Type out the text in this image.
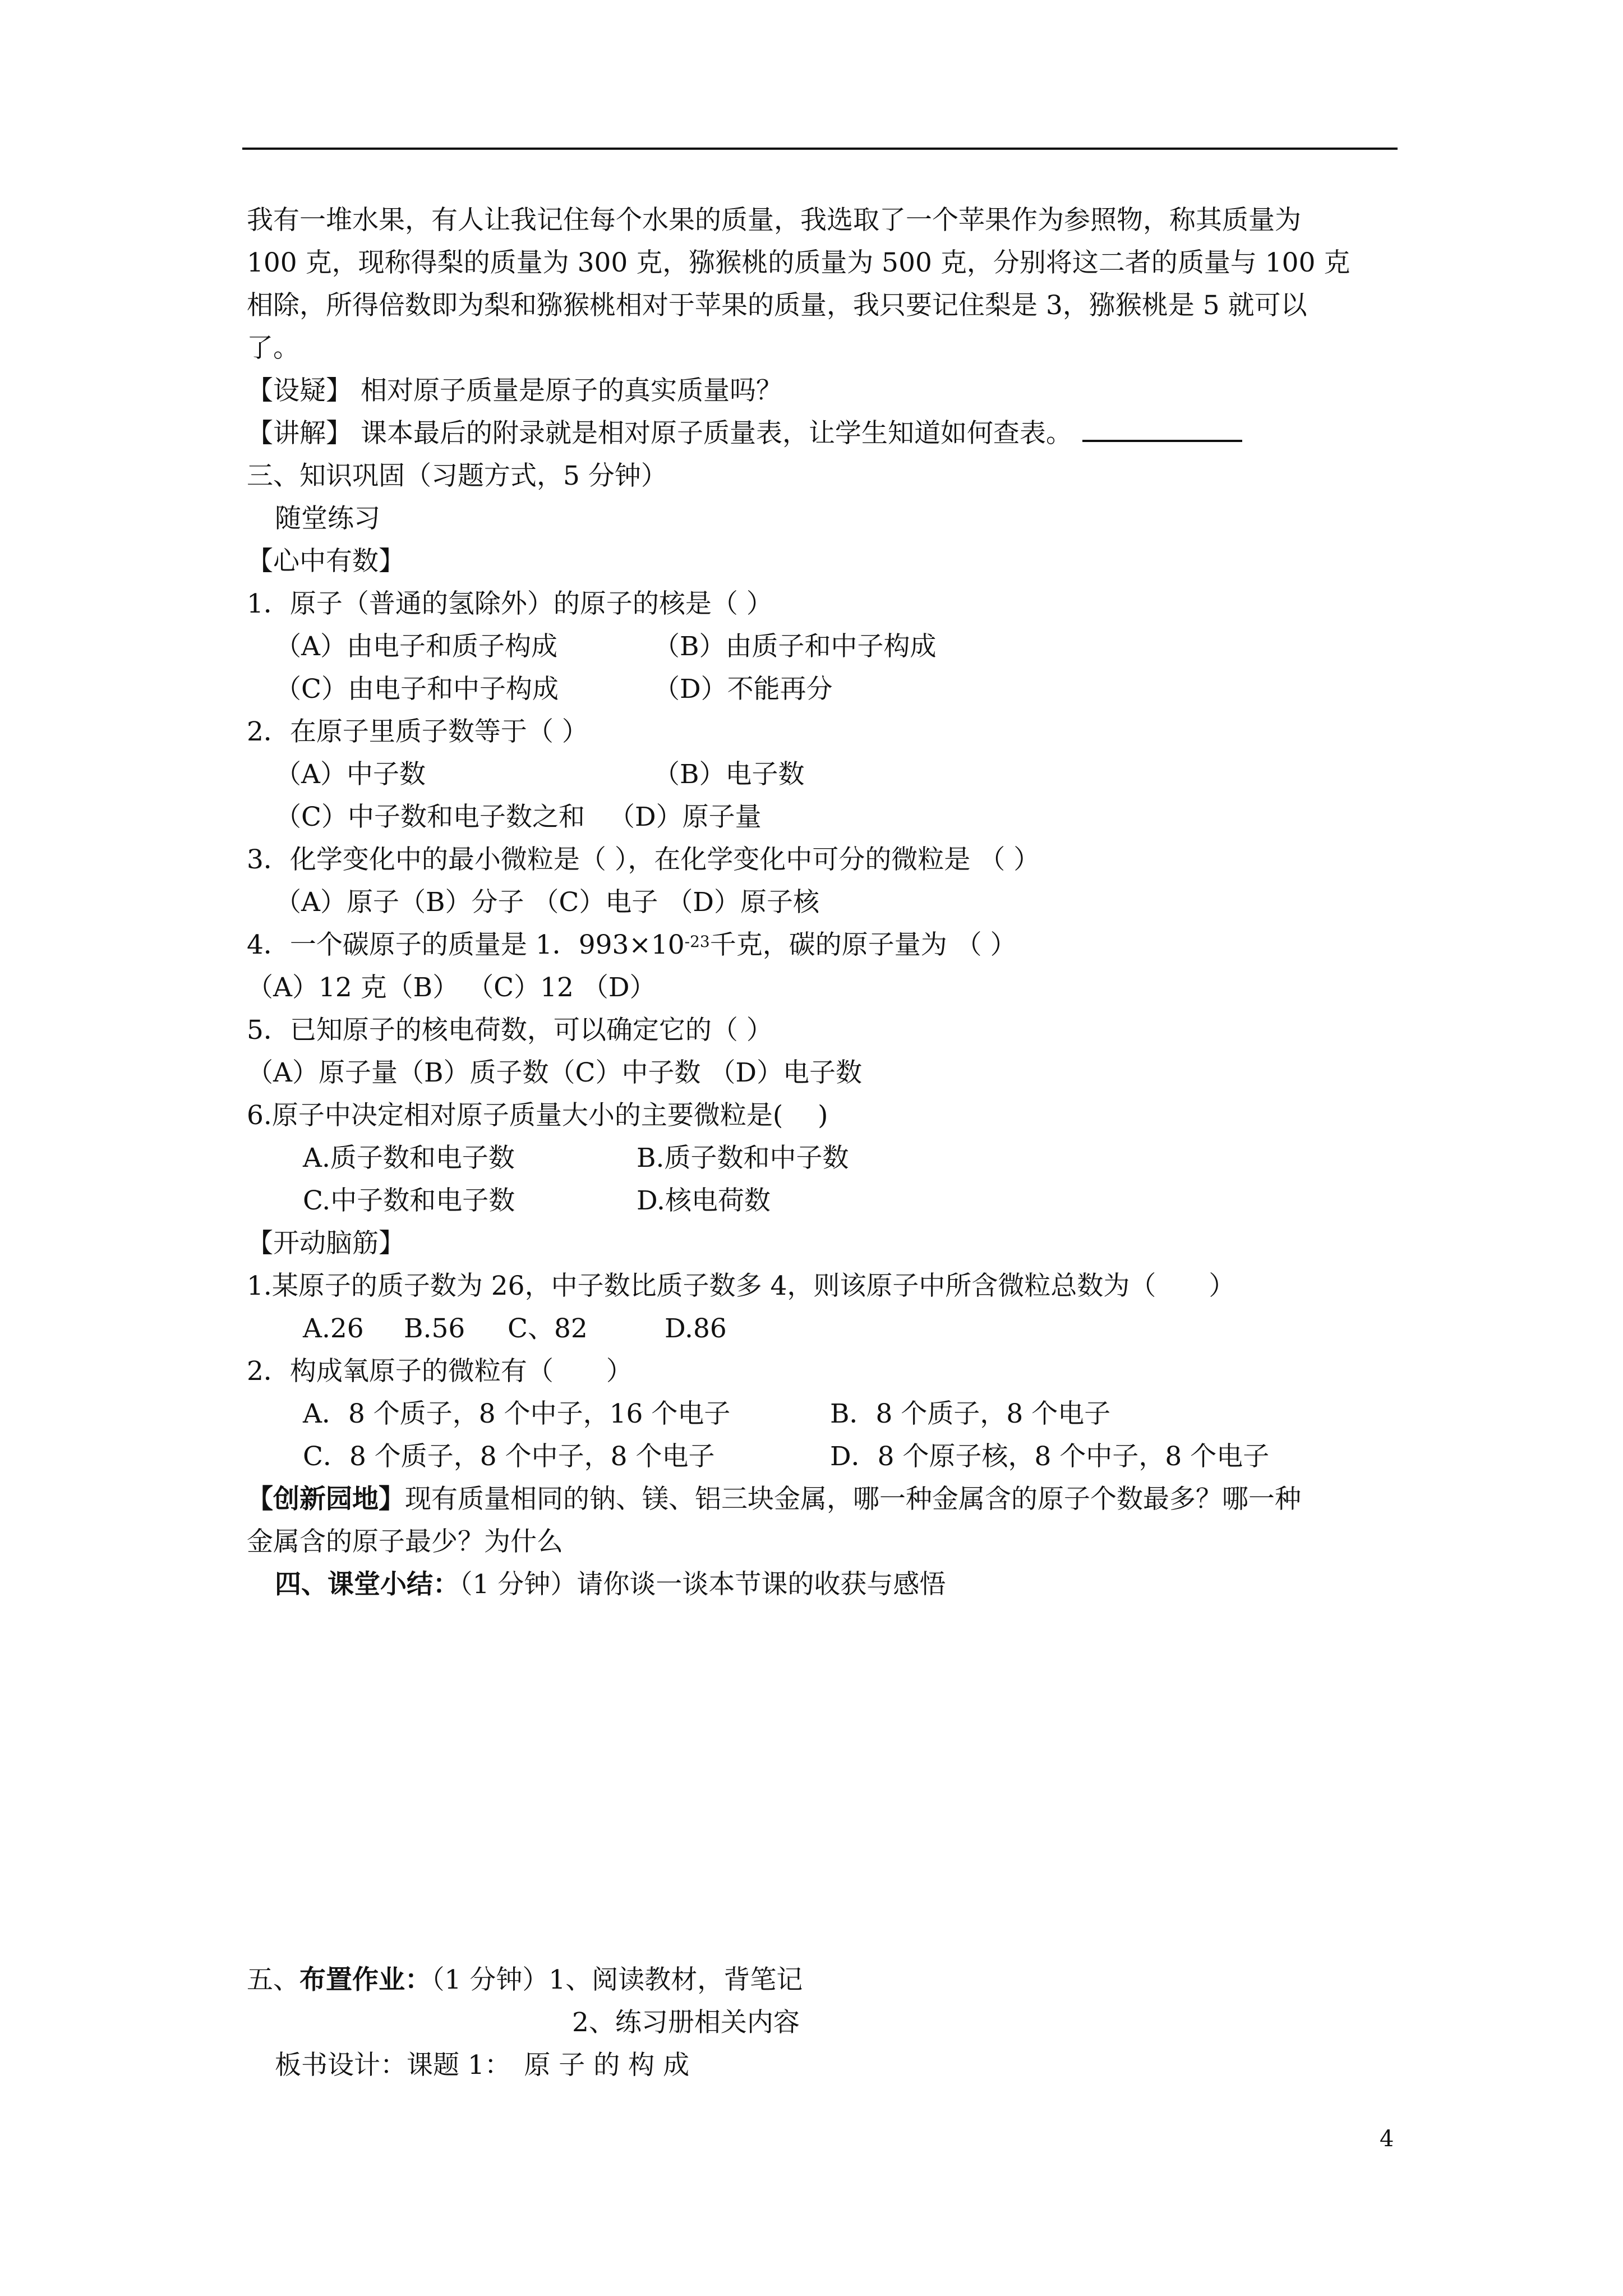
我有一堆水果，有人让我记住每个水果的质量，我选取了一个苹果作为参照物，称其质量为
100 克，现称得梨的质量为 300 克，猕猴桃的质量为 500 克，分别将这二者的质量与 100 克
相除，所得倍数即为梨和猕猴桃相对于苹果的质量，我只要记住梨是 3，猕猴桃是 5 就可以
了。
【设疑】 相对原子质量是原子的真实质量吗？
【讲解】 课本最后的附录就是相对原子质量表，让学生知道如何查表。
三、知识巩固（习题方式，5 分钟）
随堂练习
【心中有数】
1．原子（普通的氢除外）的原子的核是（ ）
（A）由电子和质子构成	（B）由质子和中子构成
（C）由电子和中子构成	（D）不能再分
2．在原子里质子数等于（ ）
（A）中子数	（B）电子数
（C）中子数和电子数之和 （D）原子量
3．化学变化中的最小微粒是（ ），在化学变化中可分的微粒是 （ ）
（A）原子（B）分子 （C）电子 （D）原子核
4．一个碳原子的质量是 1．$993\times 10^{-23}$千克，碳的原子量为 （ ）
（A）12 克（B） （C）12 （D）
5．已知原子的核电荷数，可以确定它的（ ）
（A）原子量（B）质子数（C）中子数 （D）电子数
6.原子中决定相对原子质量大小的主要微粒是(　 )
A.质子数和电子数	B.质子数和中子数
C.中子数和电子数	D.核电荷数
【开动脑筋】
1.某原子的质子数为 26，中子数比质子数多 4，则该原子中所含微粒总数为（　　）
A.26 B.56 C、82	D.86
2．构成氧原子的微粒有（　　）
A．8 个质子，8 个中子，16 个电子	B．8 个质子，8 个电子
C．8 个质子，8 个中子，8 个电子	D．8 个原子核，8 个中子，8 个电子
【创新园地】现有质量相同的钠、镁、铝三块金属，哪一种金属含的原子个数最多？哪一种
金属含的原子最少？为什么
四、课堂小结：（1 分钟）请你谈一谈本节课的收获与感悟
五、布置作业：（1 分钟）1、阅读教材，背笔记
2、练习册相关内容
板书设计：课题 1：　原 子 的 构 成
4
